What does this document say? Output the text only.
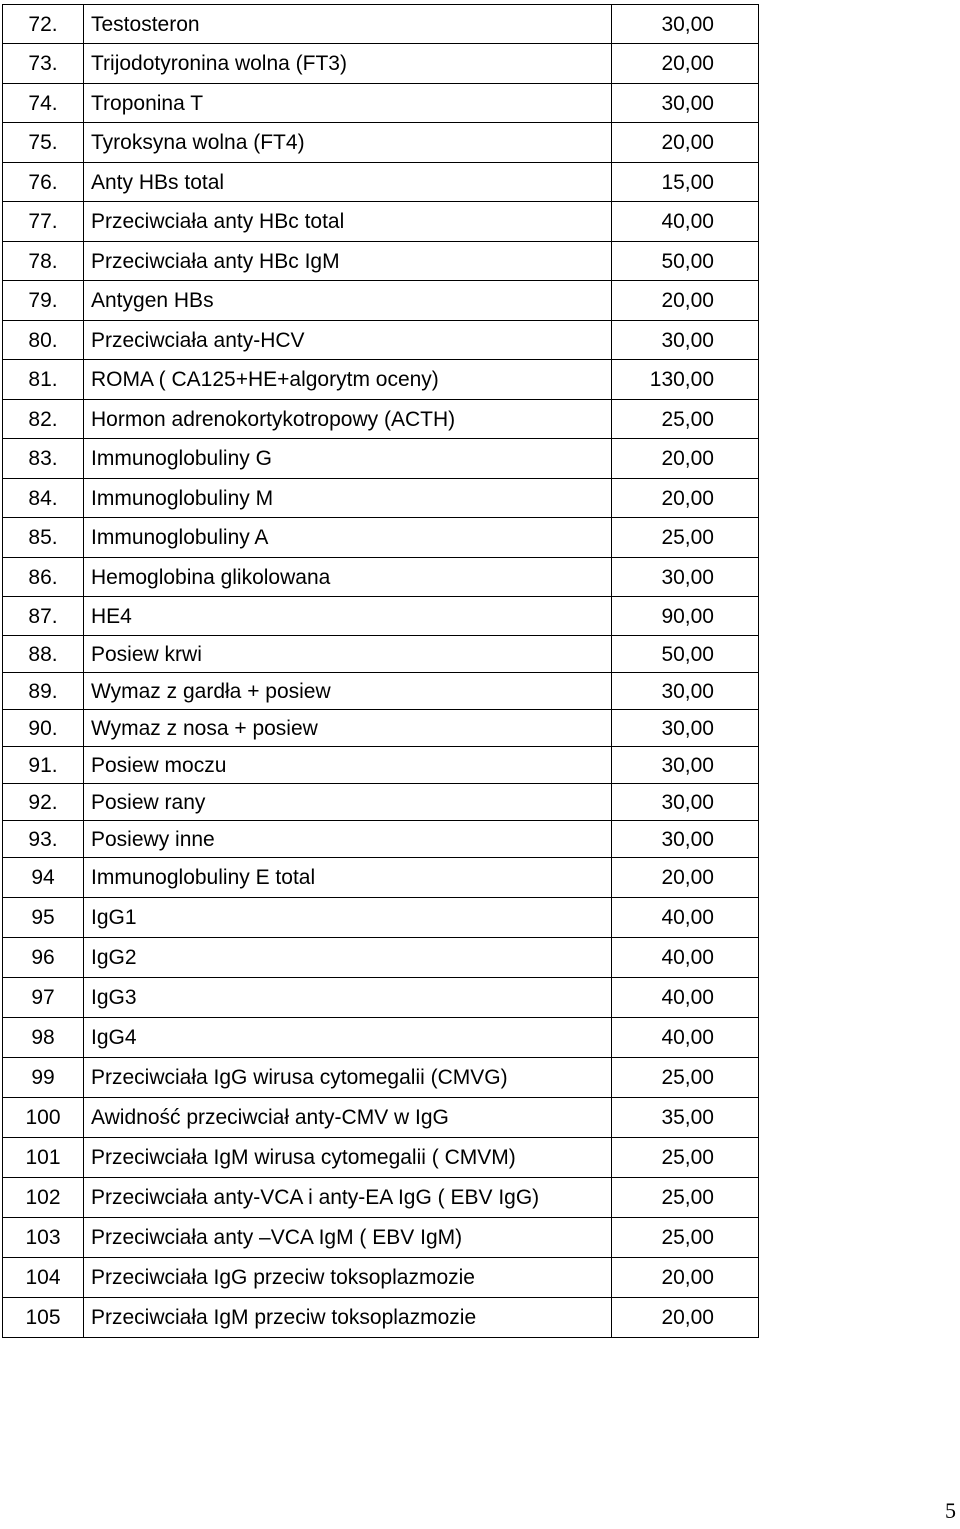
72.	Testosteron	30,00
73.	Trijodotyronina wolna (FT3)	20,00
74.	Troponina T	30,00
75.	Tyroksyna wolna (FT4)	20,00
76.	Anty HBs total	15,00
77.	Przeciwciała anty HBc total	40,00
78.	Przeciwciała anty HBc IgM	50,00
79.	Antygen HBs	20,00
80.	Przeciwciała anty-HCV	30,00
81.	ROMA ( CA125+HE+algorytm oceny)	130,00
82.	Hormon adrenokortykotropowy (ACTH)	25,00
83.	Immunoglobuliny G	20,00
84.	Immunoglobuliny M	20,00
85.	Immunoglobuliny A	25,00
86.	Hemoglobina glikolowana	30,00
87.	HE4	90,00
88.	Posiew krwi	50,00
89.	Wymaz z gardła + posiew	30,00
90.	Wymaz z nosa + posiew	30,00
91.	Posiew moczu	30,00
92.	Posiew rany	30,00
93.	Posiewy inne	30,00
94	Immunoglobuliny E total	20,00
95	IgG1	40,00
96	IgG2	40,00
97	IgG3	40,00
98	IgG4	40,00
99	Przeciwciała IgG wirusa cytomegalii (CMVG)	25,00
100	Awidność przeciwciał anty-CMV w IgG	35,00
101	Przeciwciała IgM wirusa cytomegalii ( CMVM)	25,00
102	Przeciwciała anty-VCA i anty-EA IgG ( EBV IgG)	25,00
103	Przeciwciała anty –VCA IgM ( EBV IgM)	25,00
104	Przeciwciała IgG przeciw toksoplazmozie	20,00
105	Przeciwciała IgM przeciw toksoplazmozie	20,00
5
